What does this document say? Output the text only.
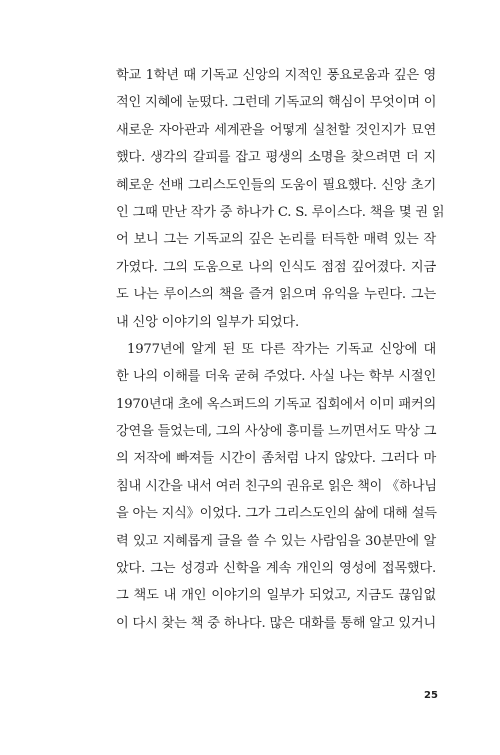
학교 1학년 때 기독교 신앙의 지적인 풍요로움과 깊은 영
적인 지혜에 눈떴다. 그런데 기독교의 핵심이 무엇이며 이
새로운 자아관과 세계관을 어떻게 실천할 것인지가 묘연
했다. 생각의 갈피를 잡고 평생의 소명을 찾으려면 더 지
혜로운 선배 그리스도인들의 도움이 필요했다. 신앙 초기
인 그때 만난 작가 중 하나가 C. S. 루이스다. 책을 몇 권 읽
어 보니 그는 기독교의 깊은 논리를 터득한 매력 있는 작
가였다. 그의 도움으로 나의 인식도 점점 깊어졌다. 지금
도 나는 루이스의 책을 즐겨 읽으며 유익을 누린다. 그는
내 신앙 이야기의 일부가 되었다.
1977년에 알게 된 또 다른 작가는 기독교 신앙에 대
한 나의 이해를 더욱 굳혀 주었다. 사실 나는 학부 시절인
1970년대 초에 옥스퍼드의 기독교 집회에서 이미 패커의
강연을 들었는데, 그의 사상에 흥미를 느끼면서도 막상 그
의 저작에 빠져들 시간이 좀처럼 나지 않았다. 그러다 마
침내 시간을 내서 여러 친구의 권유로 읽은 책이 《하나님
을 아는 지식》이었다. 그가 그리스도인의 삶에 대해 설득
력 있고 지혜롭게 글을 쓸 수 있는 사람임을 30분만에 알
았다. 그는 성경과 신학을 계속 개인의 영성에 접목했다.
그 책도 내 개인 이야기의 일부가 되었고, 지금도 끊임없
이 다시 찾는 책 중 하나다. 많은 대화를 통해 알고 있거니
25
